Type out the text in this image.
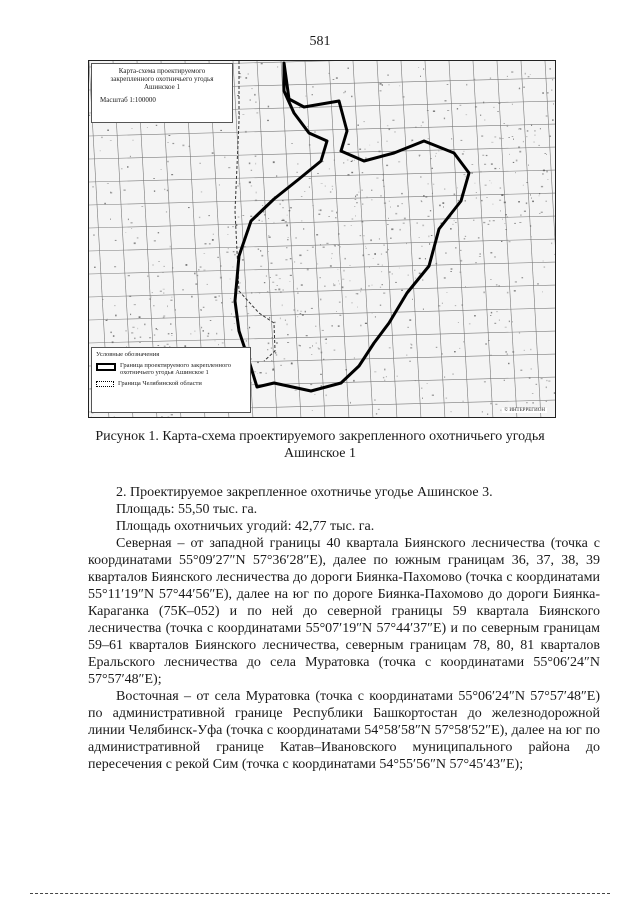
581
Карта-схема проектируемого
закрепленного охотничьего угодья
Ашинское 1
Масштаб 1:100000
Условные обозначения
Граница проектируемого закрепленного охотничьего угодья Ашинское 1
Граница Челябинской области
© ИНТЕРРЕГИОН
Рисунок 1. Карта-схема проектируемого закрепленного охотничьего угодья
Ашинское 1

2. Проектируемое закрепленное охотничье угодье Ашинское 3.

Площадь: 55,50 тыс. га.

Площадь охотничьих угодий: 42,77 тыс. га.

Северная – от западной границы 40 квартала Биянского лесничества (точка с координатами 55°09′27″N 57°36′28″E), далее по южным границам 36, 37, 38, 39 кварталов Биянского лесничества до дороги Биянка-Пахомово (точка с координатами 55°11′19″N 57°44′56″E), далее на юг по дороге Биянка-Пахомово до дороги Биянка-Караганка (75К–052) и по ней до северной границы 59 квартала Биянского лесничества (точка с координатами 55°07′19″N 57°44′37″E) и по северным границам 59–61 кварталов Биянского лесничества, северным границам 78, 80, 81 кварталов Еральского лесничества до села Муратовка (точка с координатами 55°06′24″N 57°57′48″E);

Восточная – от села Муратовка (точка с координатами 55°06′24″N 57°57′48″E) по административной границе Республики Башкортостан до железнодорожной линии Челябинск-Уфа (точка с координатами 54°58′58″N 57°58′52″E), далее на юг по административной границе Катав–Ивановского муниципального района до пересечения с рекой Сим (точка с координатами 54°55′56″N 57°45′43″E);
